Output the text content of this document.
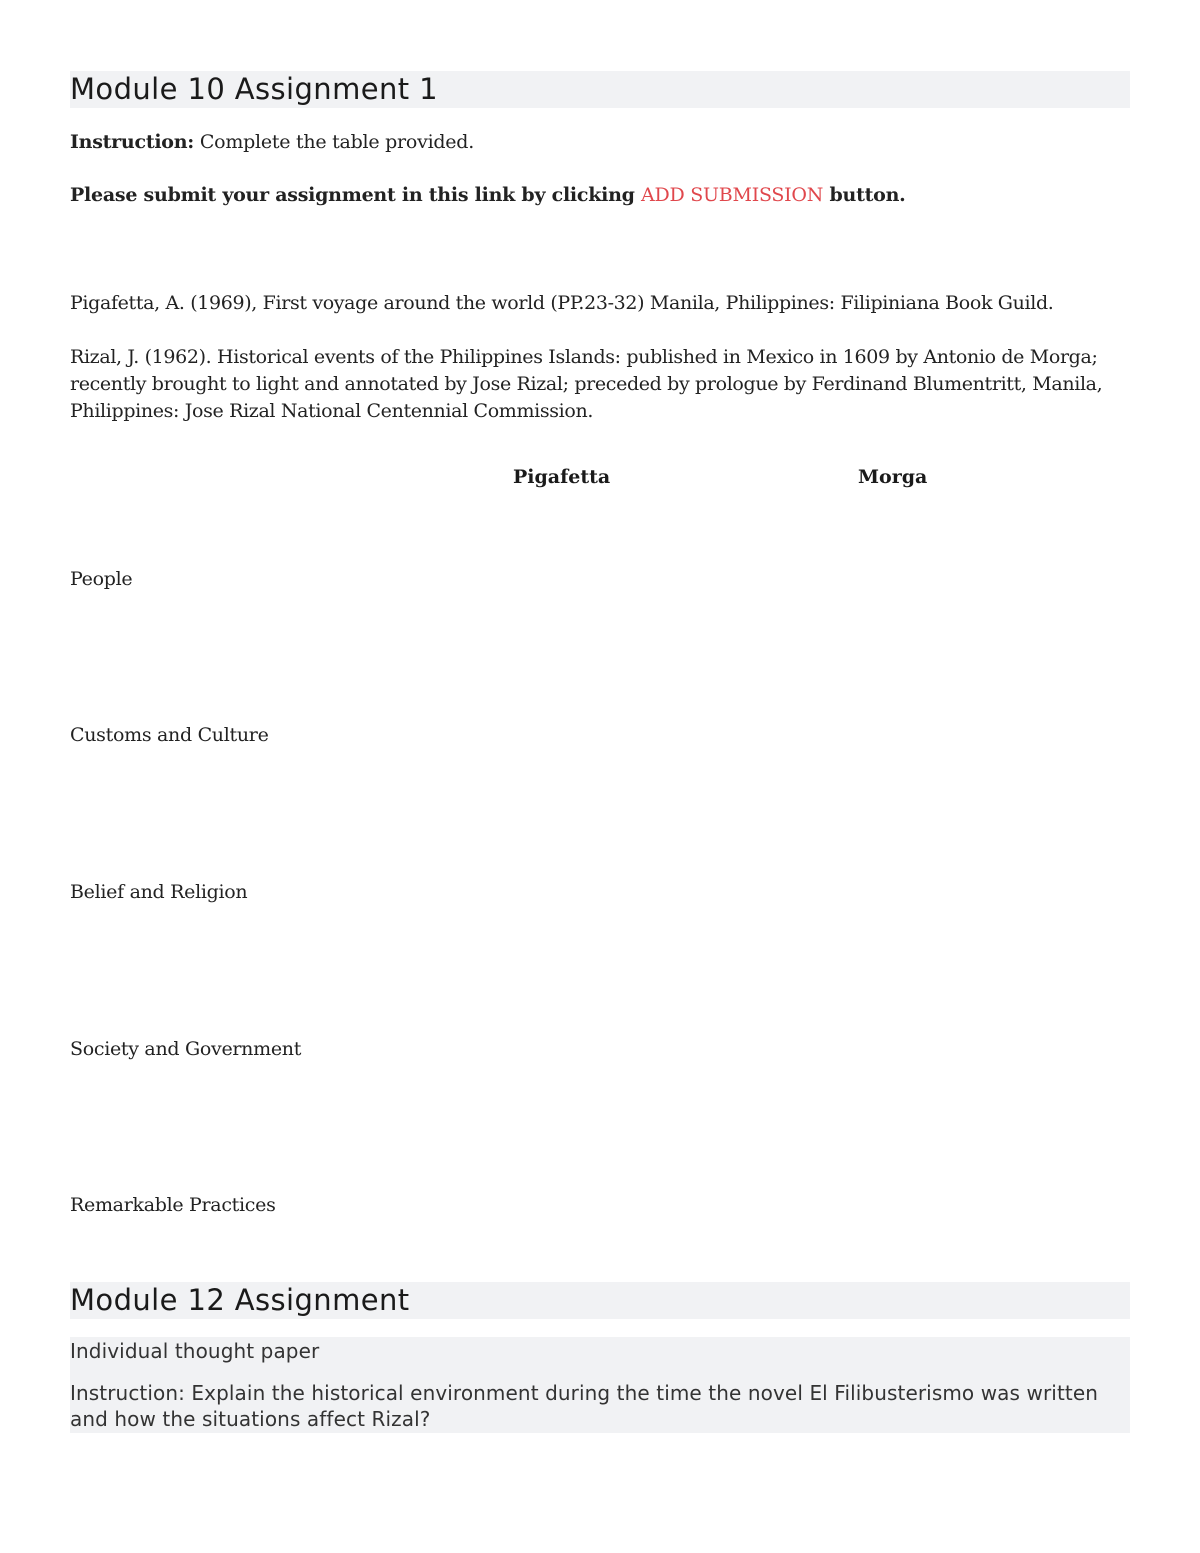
Module 10 Assignment 1
Instruction: Complete the table provided.
Please submit your assignment in this link by clicking ADD SUBMISSION button.
Pigafetta, A. (1969), First voyage around the world (PP.23-32) Manila, Philippines: Filipiniana Book Guild.
Rizal, J. (1962). Historical events of the Philippines Islands: published in Mexico in 1609 by Antonio de Morga; recently brought to light and annotated by Jose Rizal; preceded by prologue by Ferdinand Blumentritt, Manila, Philippines: Jose Rizal National Centennial Commission.
Pigafetta	Morga
People
Customs and Culture
Belief and Religion
Society and Government
Remarkable Practices
Module 12 Assignment
Individual thought paper
Instruction: Explain the historical environment during the time the novel El Filibusterismo was written and how the situations affect Rizal?
